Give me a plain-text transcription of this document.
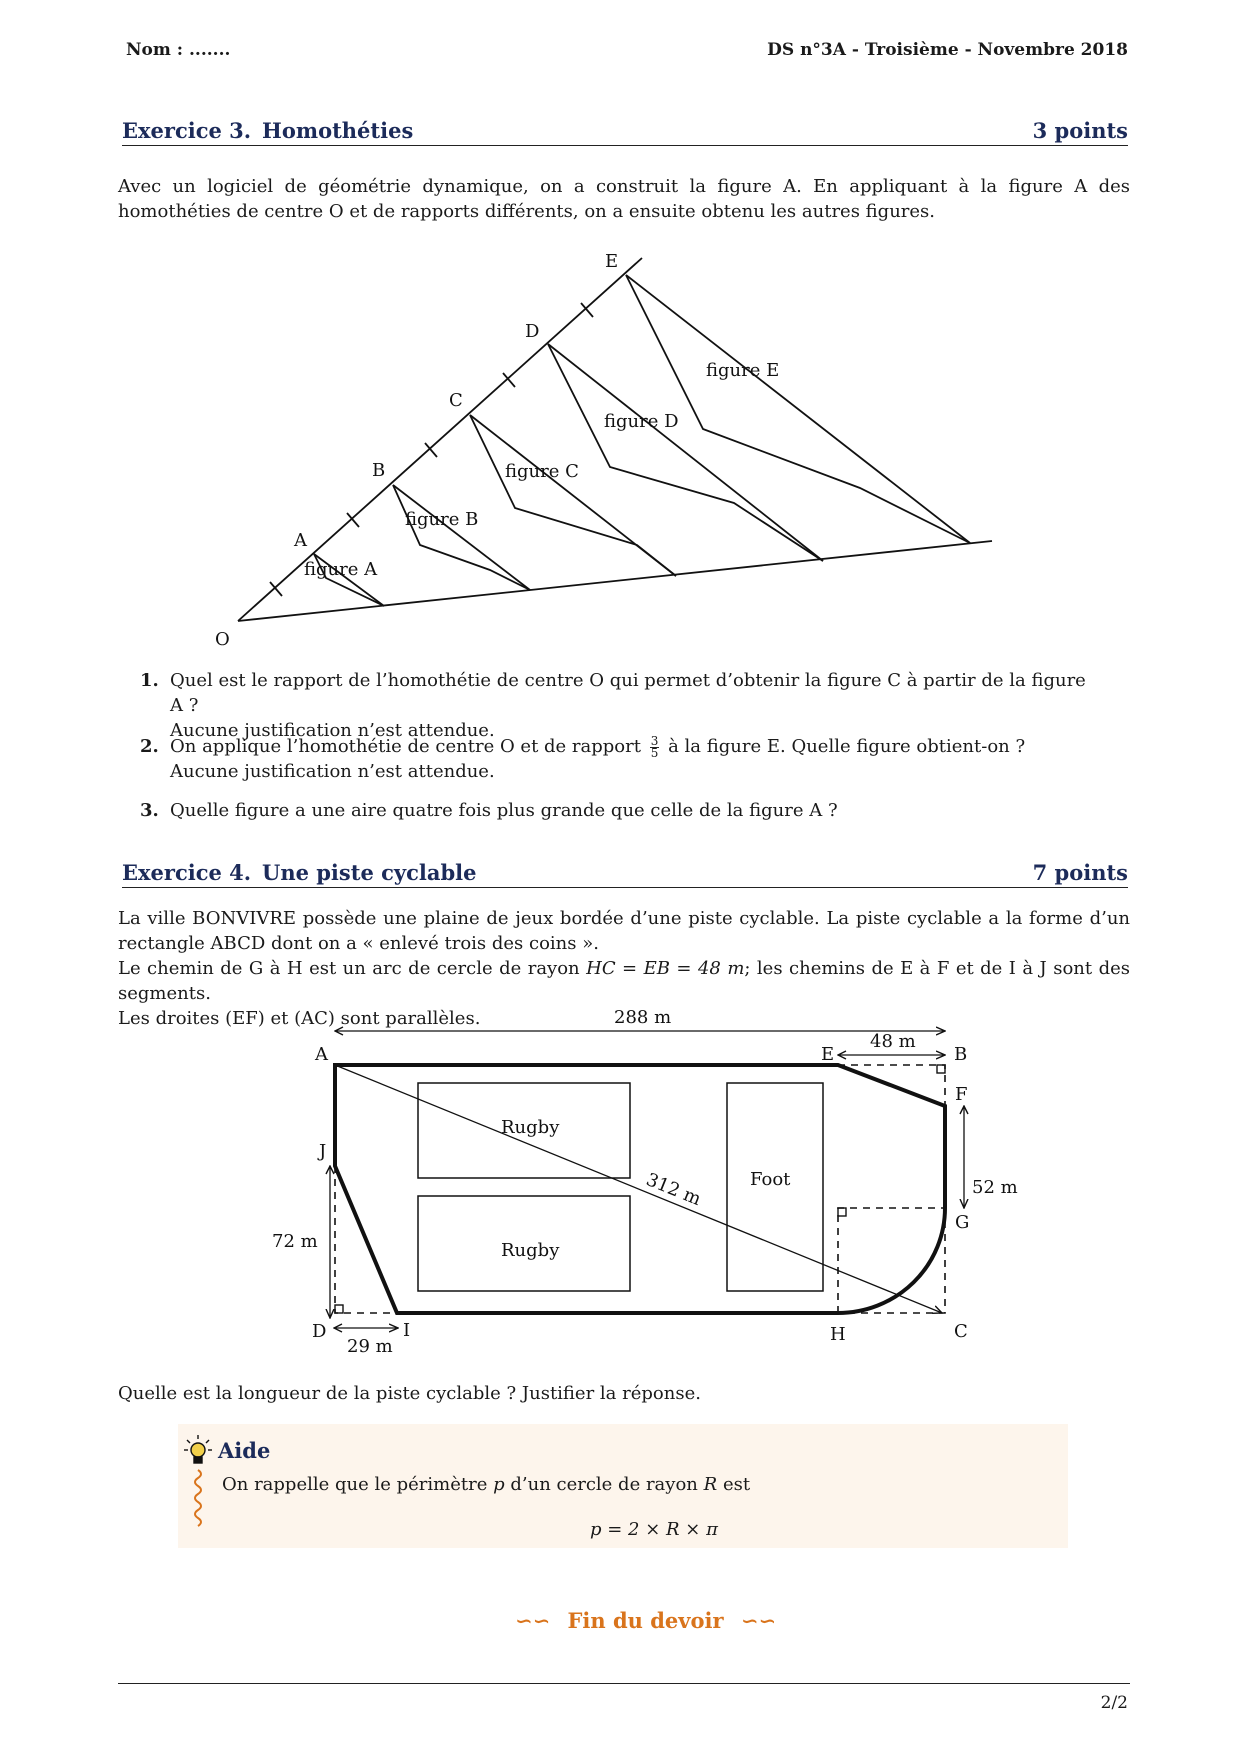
Nom : .......	DS n°3A - Troisième - Novembre 2018
Exercice 3. Homothéties	3 points
Avec un logiciel de géométrie dynamique, on a construit la figure A. En appliquant à la figure A des homothéties de centre O et de rapports différents, on a ensuite obtenu les autres figures.
O
A
B
C
D
E
figure A
figure B
figure C
figure D
figure E
1. Quel est le rapport de l’homothétie de centre O qui permet d’obtenir la figure C à partir de la figure A ?
Aucune justification n’est attendue.
2. On applique l’homothétie de centre O et de rapport $\frac{3}{5}$ à la figure E. Quelle figure obtient-on ?
Aucune justification n’est attendue.
3. Quelle figure a une aire quatre fois plus grande que celle de la figure A ?
Exercice 4. Une piste cyclable	7 points
La ville BONVIVRE possède une plaine de jeux bordée d’une piste cyclable. La piste cyclable a la forme d’un rectangle ABCD dont on a « enlevé trois des coins ».
Le chemin de G à H est un arc de cercle de rayon HC = EB = 48 m; les chemins de E à F et de I à J sont des segments.
Les droites (EF) et (AC) sont parallèles.
A	B
C
D
E
F
G
H
I
J
288 m
48 m
52 m
72 m
29 m
312 m
Rugby
Rugby
Foot
Quelle est la longueur de la piste cyclable ? Justifier la réponse.
Aide
On rappelle que le périmètre p d’un cercle de rayon R est
p = 2 × R × π
∽∽ Fin du devoir ∽∽
2/2
